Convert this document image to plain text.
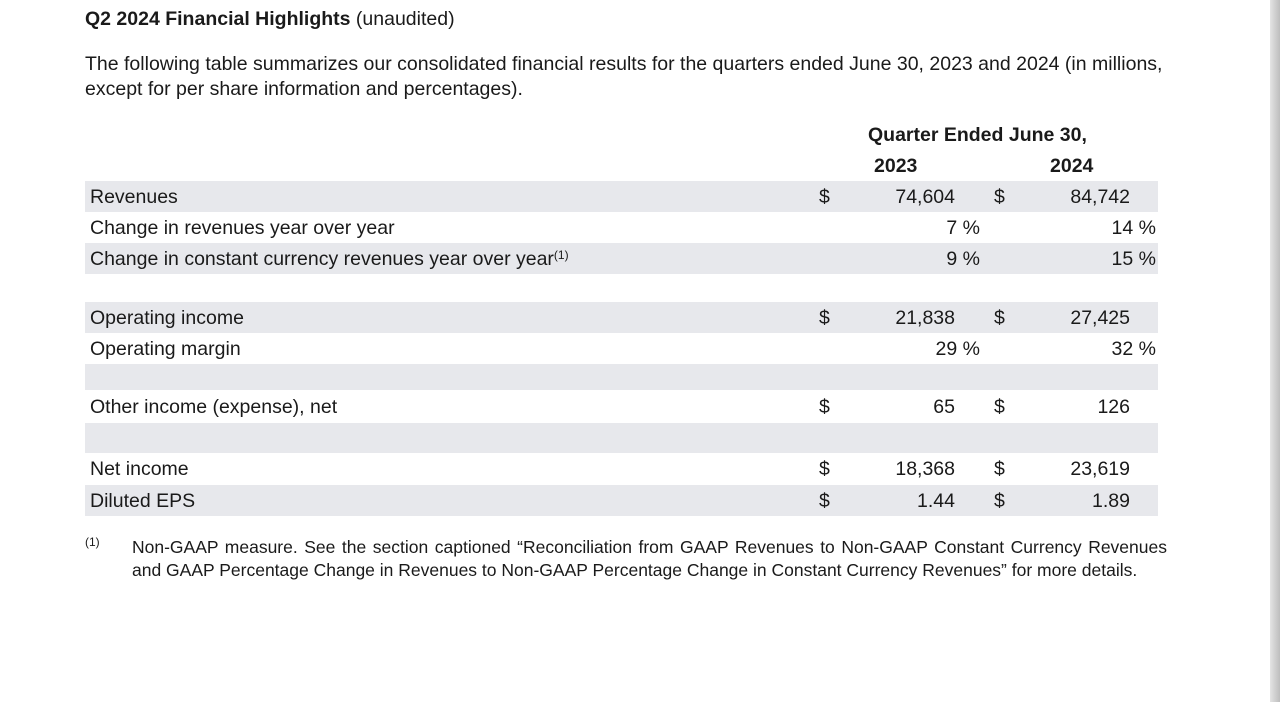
Q2 2024 Financial Highlights (unaudited)
The following table summarizes our consolidated financial results for the quarters ended June 30, 2023 and 2024 (in millions, except for per share information and percentages).
Quarter Ended June 30,
2023	2024
Revenues	$	74,604 $	84,742
Change in revenues year over year	7 %	14 %
Change in constant currency revenues year over year$^{(1)}$	9 %	15 %
Operating income	$	21,838 $	27,425
Operating margin	29 %	32 %
Other income (expense), net	$	65 $	126
Net income	$	18,368 $	23,619
Diluted EPS	$	1.44 $	1.89
(1) Non-GAAP measure. See the section captioned “Reconciliation from GAAP Revenues to Non-GAAP Constant Currency Revenues and GAAP Percentage Change in Revenues to Non-GAAP Percentage Change in Constant Currency Revenues” for more details.
